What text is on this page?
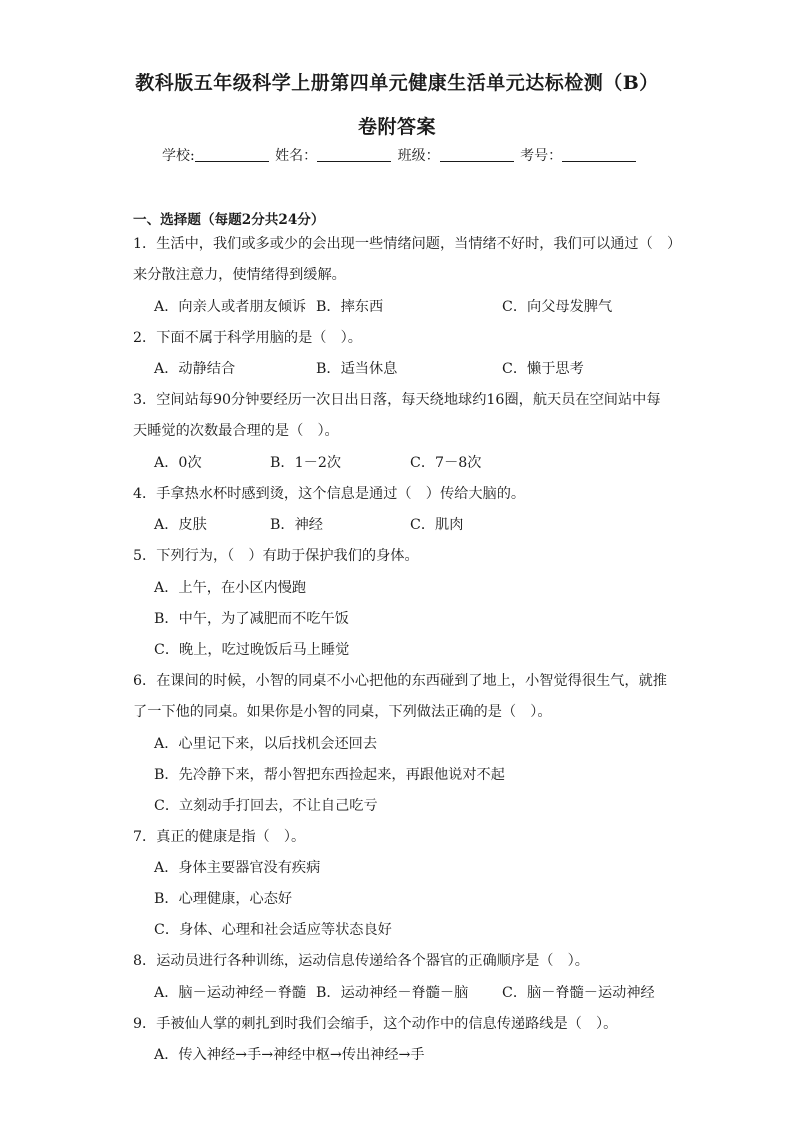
教科版五年级科学上册第四单元健康生活单元达标检测（B）
卷附答案
学校:	姓名：	班级：	考号：
一、选择题（每题2分共24分）
1．生活中，我们或多或少的会出现一些情绪问题，当情绪不好时，我们可以通过（　）
来分散注意力，使情绪得到缓解。
A．向亲人或者朋友倾诉 B．摔东西	C．向父母发脾气
2．下面不属于科学用脑的是（　）。
A．动静结合	B．适当休息	C．懒于思考
3．空间站每90分钟要经历一次日出日落，每天绕地球约16圈，航天员在空间站中每
天睡觉的次数最合理的是（　）。
A．0次	B．1－2次	C．7－8次
4．手拿热水杯时感到烫，这个信息是通过（　）传给大脑的。
A．皮肤	B．神经	C．肌肉
5．下列行为，（　）有助于保护我们的身体。
A．上午，在小区内慢跑
B．中午，为了减肥而不吃午饭
C．晚上，吃过晚饭后马上睡觉
6．在课间的时候，小智的同桌不小心把他的东西碰到了地上，小智觉得很生气，就推
了一下他的同桌。如果你是小智的同桌，下列做法正确的是（　）。
A．心里记下来，以后找机会还回去
B．先冷静下来，帮小智把东西捡起来，再跟他说对不起
C．立刻动手打回去，不让自己吃亏
7．真正的健康是指（　）。
A．身体主要器官没有疾病
B．心理健康，心态好
C．身体、心理和社会适应等状态良好
8．运动员进行各种训练，运动信息传递给各个器官的正确顺序是（　）。
A．脑－运动神经－脊髓 B．运动神经－脊髓－脑 C．脑－脊髓－运动神经
9．手被仙人掌的刺扎到时我们会缩手，这个动作中的信息传递路线是（　）。
A．传入神经→手→神经中枢→传出神经→手
